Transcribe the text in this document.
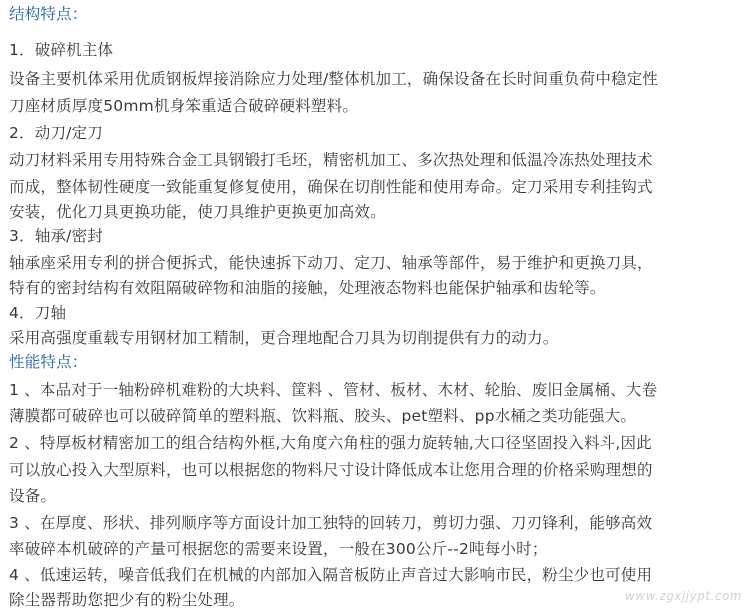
结构特点：
1．破碎机主体
设备主要机体采用优质钢板焊接消除应力处理/整体机加工，确保设备在长时间重负荷中稳定性
刀座材质厚度50mm机身笨重适合破碎硬料塑料。
2．动刀/定刀
动刀材料采用专用特殊合金工具钢锻打毛坯，精密机加工、多次热处理和低温冷冻热处理技术
而成，整体韧性硬度一致能重复修复使用，确保在切削性能和使用寿命。定刀采用专利挂钩式
安装，优化刀具更换功能，使刀具维护更换更加高效。
3．轴承/密封
轴承座采用专利的拼合便拆式，能快速拆下动刀、定刀、轴承等部件，易于维护和更换刀具，
特有的密封结构有效阻隔破碎物和油脂的接触，处理液态物料也能保护轴承和齿轮等。
4．刀轴
采用高强度重载专用钢材加工精制，更合理地配合刀具为切削提供有力的动力。
性能特点：
1 、本品对于一轴粉碎机难粉的大块料、筐料 、管材、板材、木材、轮胎、废旧金属桶、大卷
薄膜都可破碎也可以破碎简单的塑料瓶、饮料瓶、胶头、pet塑料、pp水桶之类功能强大。
2 、特厚板材精密加工的组合结构外框,大角度六角柱的强力旋转轴,大口径坚固投入料斗,因此
可以放心投入大型原料，也可以根据您的物料尺寸设计降低成本让您用合理的价格采购理想的
设备。
3 、在厚度、形状、排列顺序等方面设计加工独特的回转刀，剪切力强、刀刃锋利，能够高效
率破碎本机破碎的产量可根据您的需要来设置，一般在300公斤--2吨每小时；
4 、低速运转，噪音低我们在机械的内部加入隔音板防止声音过大影响市民，粉尘少也可使用
除尘器帮助您把少有的粉尘处理。	www.zgxjjypt.com
